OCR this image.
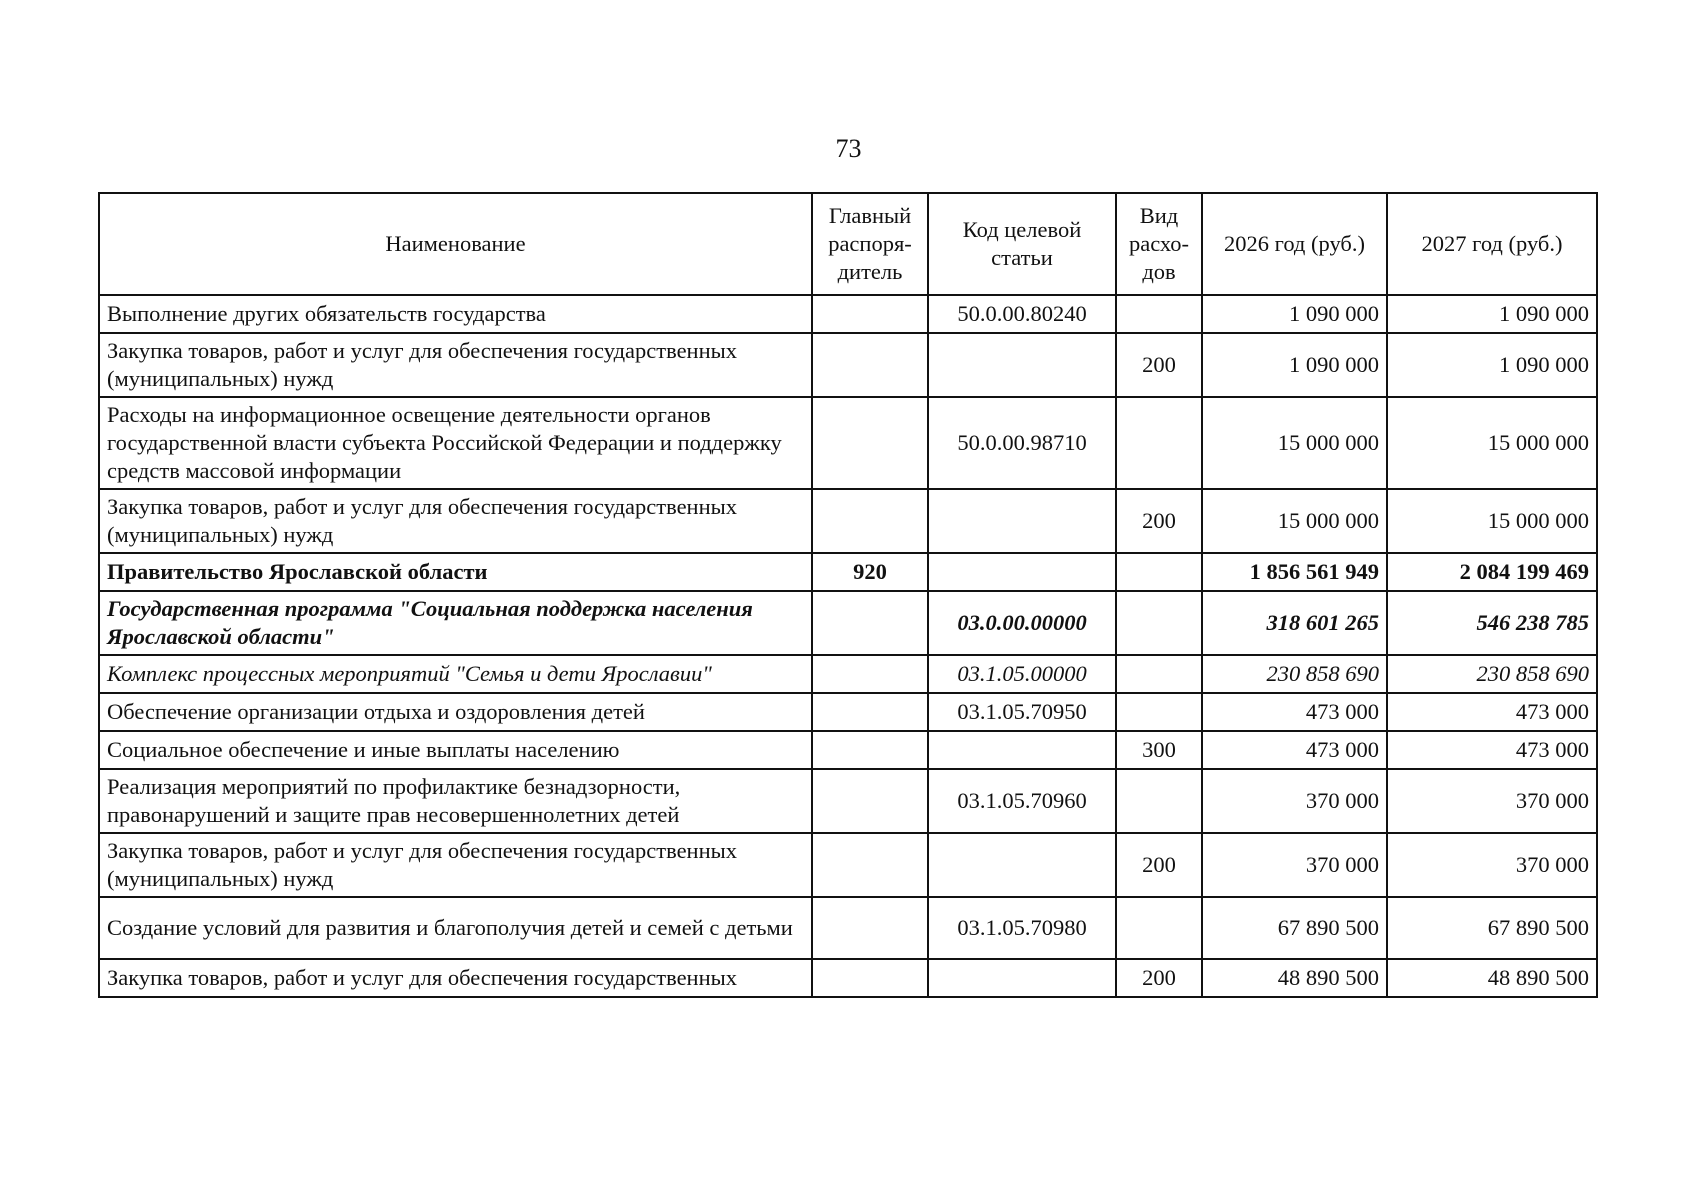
73
Наименование	Главный распоря-дитель	Код целевой статьи	Вид расхо-дов	2026 год (руб.)	2027 год (руб.)
Выполнение других обязательств государства		50.0.00.80240		1 090 000	1 090 000
Закупка товаров, работ и услуг для обеспечения государственных (муниципальных) нужд			200	1 090 000	1 090 000
Расходы на информационное освещение деятельности органов государственной власти субъекта Российской Федерации и поддержку средств массовой информации		50.0.00.98710		15 000 000	15 000 000
Закупка товаров, работ и услуг для обеспечения государственных (муниципальных) нужд			200	15 000 000	15 000 000
Правительство Ярославской области	920			1 856 561 949	2 084 199 469
Государственная программа "Социальная поддержка населения Ярославской области"		03.0.00.00000		318 601 265	546 238 785
Комплекс процессных мероприятий "Семья и дети Ярославии"		03.1.05.00000		230 858 690	230 858 690
Обеспечение организации отдыха и оздоровления детей		03.1.05.70950		473 000	473 000
Социальное обеспечение и иные выплаты населению			300	473 000	473 000
Реализация мероприятий по профилактике безнадзорности, правонарушений и защите прав несовершеннолетних детей		03.1.05.70960		370 000	370 000
Закупка товаров, работ и услуг для обеспечения государственных (муниципальных) нужд			200	370 000	370 000
Создание условий для развития и благополучия детей и семей с детьми		03.1.05.70980		67 890 500	67 890 500
Закупка товаров, работ и услуг для обеспечения государственных			200	48 890 500	48 890 500
